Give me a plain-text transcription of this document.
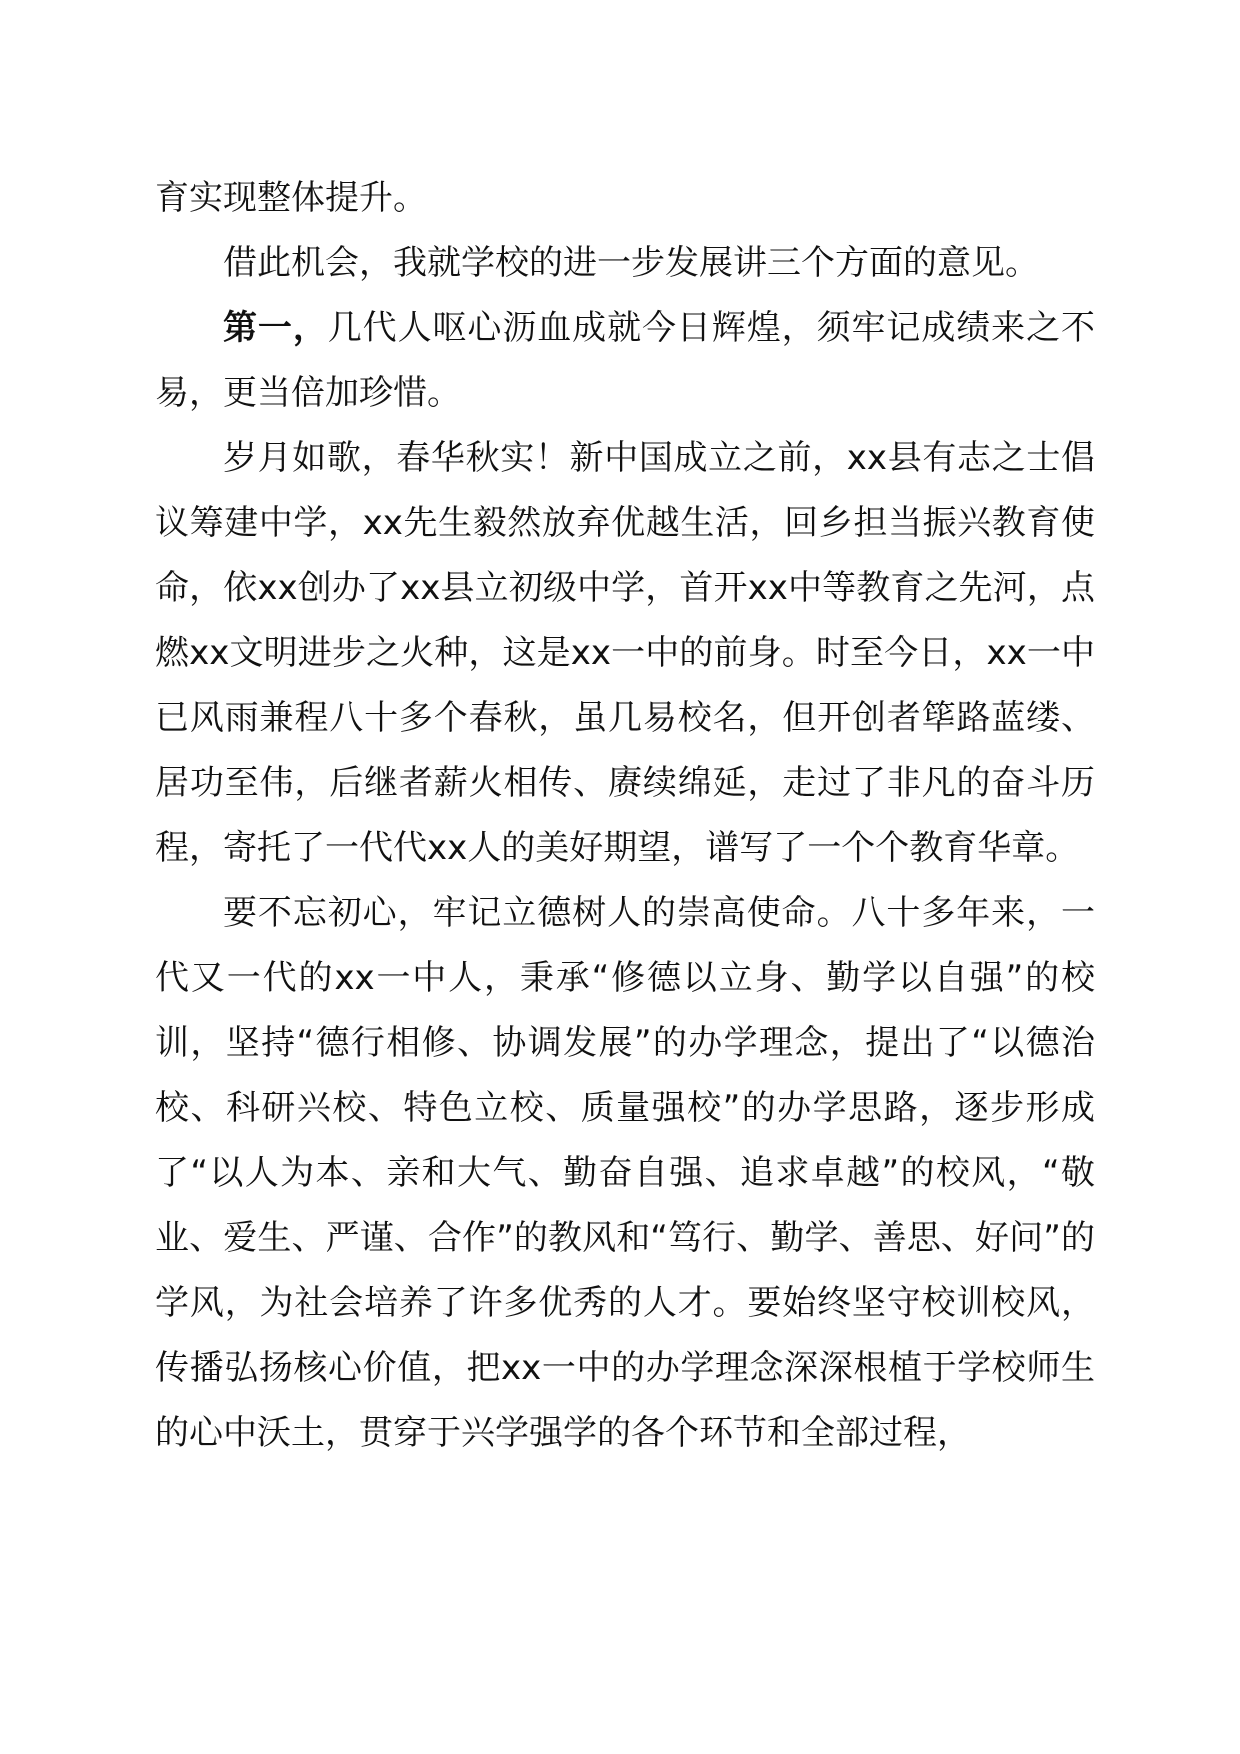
育实现整体提升。

借此机会，我就学校的进一步发展讲三个方面的意见。

第一，几代人呕心沥血成就今日辉煌，须牢记成绩来之不易，更当倍加珍惜。

岁月如歌，春华秋实！新中国成立之前，xx县有志之士倡议筹建中学，xx先生毅然放弃优越生活，回乡担当振兴教育使命，依xx创办了xx县立初级中学，首开xx中等教育之先河，点燃xx文明进步之火种，这是xx一中的前身。时至今日，xx一中已风雨兼程八十多个春秋，虽几易校名，但开创者筚路蓝缕、居功至伟，后继者薪火相传、赓续绵延，走过了非凡的奋斗历程，寄托了一代代xx人的美好期望，谱写了一个个教育华章。

要不忘初心，牢记立德树人的崇高使命。八十多年来，一代又一代的xx一中人，秉承“修德以立身、勤学以自强”的校训，坚持“德行相修、协调发展”的办学理念，提出了“以德治校、科研兴校、特色立校、质量强校”的办学思路，逐步形成了“以人为本、亲和大气、勤奋自强、追求卓越”的校风，“敬业、爱生、严谨、合作”的教风和“笃行、勤学、善思、好问”的学风，为社会培养了许多优秀的人才。要始终坚守校训校风，传播弘扬核心价值，把xx一中的办学理念深深根植于学校师生的心中沃土，贯穿于兴学强学的各个环节和全部过程，
